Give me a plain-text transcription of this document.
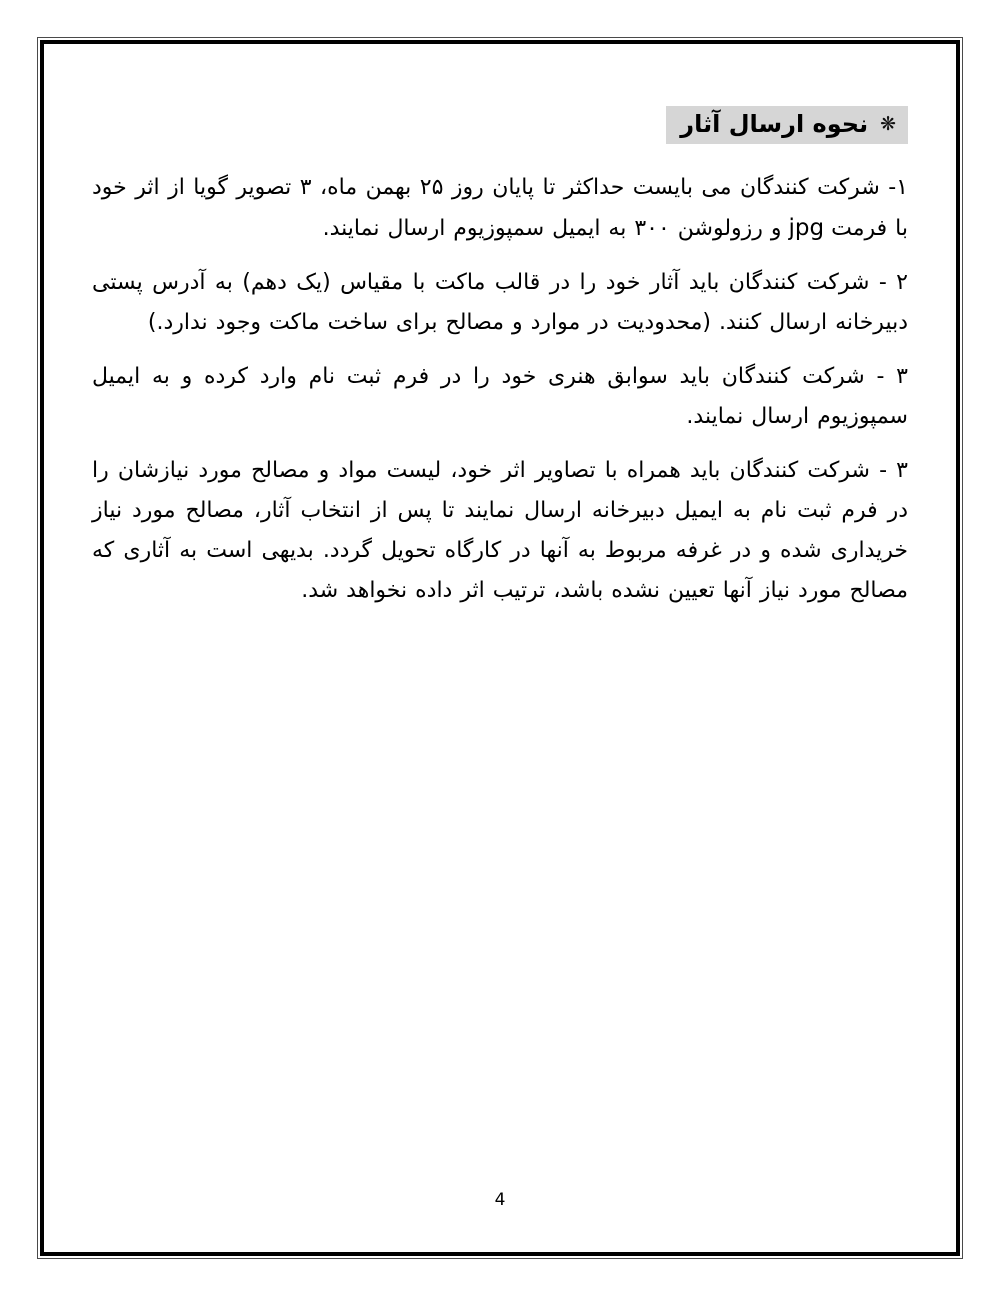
❋نحوه ارسال آثار

۱- شرکت کنندگان می بایست حداکثر تا پایان روز ۲۵ بهمن ماه، ۳ تصویر گویا از اثر خود با فرمتjpgو رزولوشن ۳۰۰ به ایمیل سمپوزیوم ارسال نمایند.

۲ - شرکت کنندگان باید آثار خود را در قالب ماکت با مقیاس (یک دهم) به آدرس پستی دبیرخانه ارسال کنند. (محدودیت در موارد و مصالح برای ساخت ماکت وجود ندارد.)

۳ - شرکت کنندگان باید سوابق هنری خود را در فرم ثبت نام وارد کرده و به ایمیل سمپوزیوم ارسال نمایند.

۳ - شرکت کنندگان باید همراه با تصاویر اثر خود، لیست مواد و مصالح مورد نیازشان را در فرم ثبت نام به ایمیل دبیرخانه ارسال نمایند تا پس از انتخاب آثار، مصالح مورد نیاز خریداری شده و در غرفه مربوط به آنها در کارگاه تحویل گردد. بدیهی است به آثاری که مصالح مورد نیاز آنها تعیین نشده باشد، ترتیب اثر داده نخواهد شد.

4
